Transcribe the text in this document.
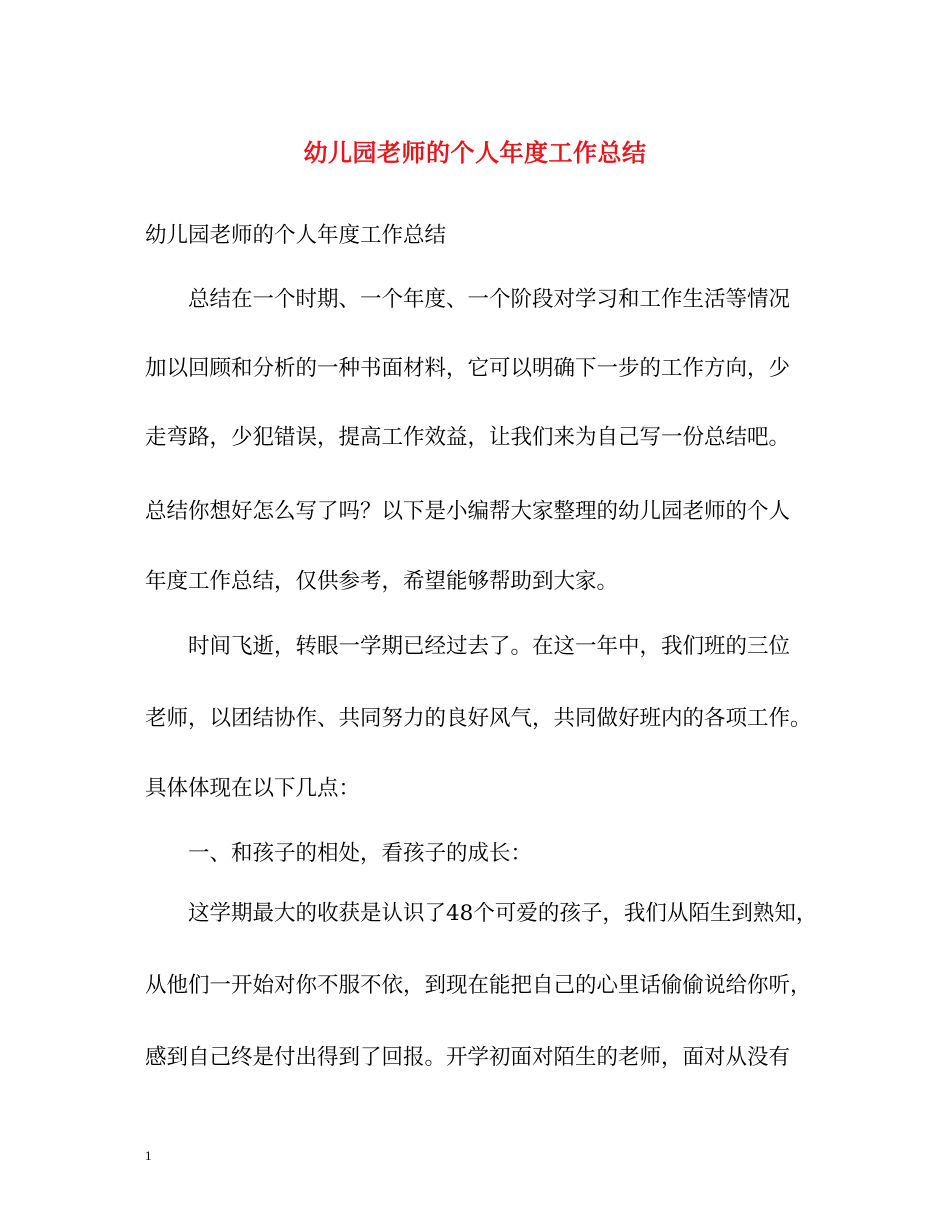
幼儿园老师的个人年度工作总结
幼儿园老师的个人年度工作总结
　　总结在一个时期、一个年度、一个阶段对学习和工作生活等情况
加以回顾和分析的一种书面材料，它可以明确下一步的工作方向，少
走弯路，少犯错误，提高工作效益，让我们来为自己写一份总结吧。
总结你想好怎么写了吗？以下是小编帮大家整理的幼儿园老师的个人
年度工作总结，仅供参考，希望能够帮助到大家。
　　时间飞逝，转眼一学期已经过去了。在这一年中，我们班的三位
老师，以团结协作、共同努力的良好风气，共同做好班内的各项工作。
具体体现在以下几点：
　　一、和孩子的相处，看孩子的成长：
　　这学期最大的收获是认识了48个可爱的孩子，我们从陌生到熟知，
从他们一开始对你不服不依，到现在能把自己的心里话偷偷说给你听，
感到自己终是付出得到了回报。开学初面对陌生的老师，面对从没有
1
